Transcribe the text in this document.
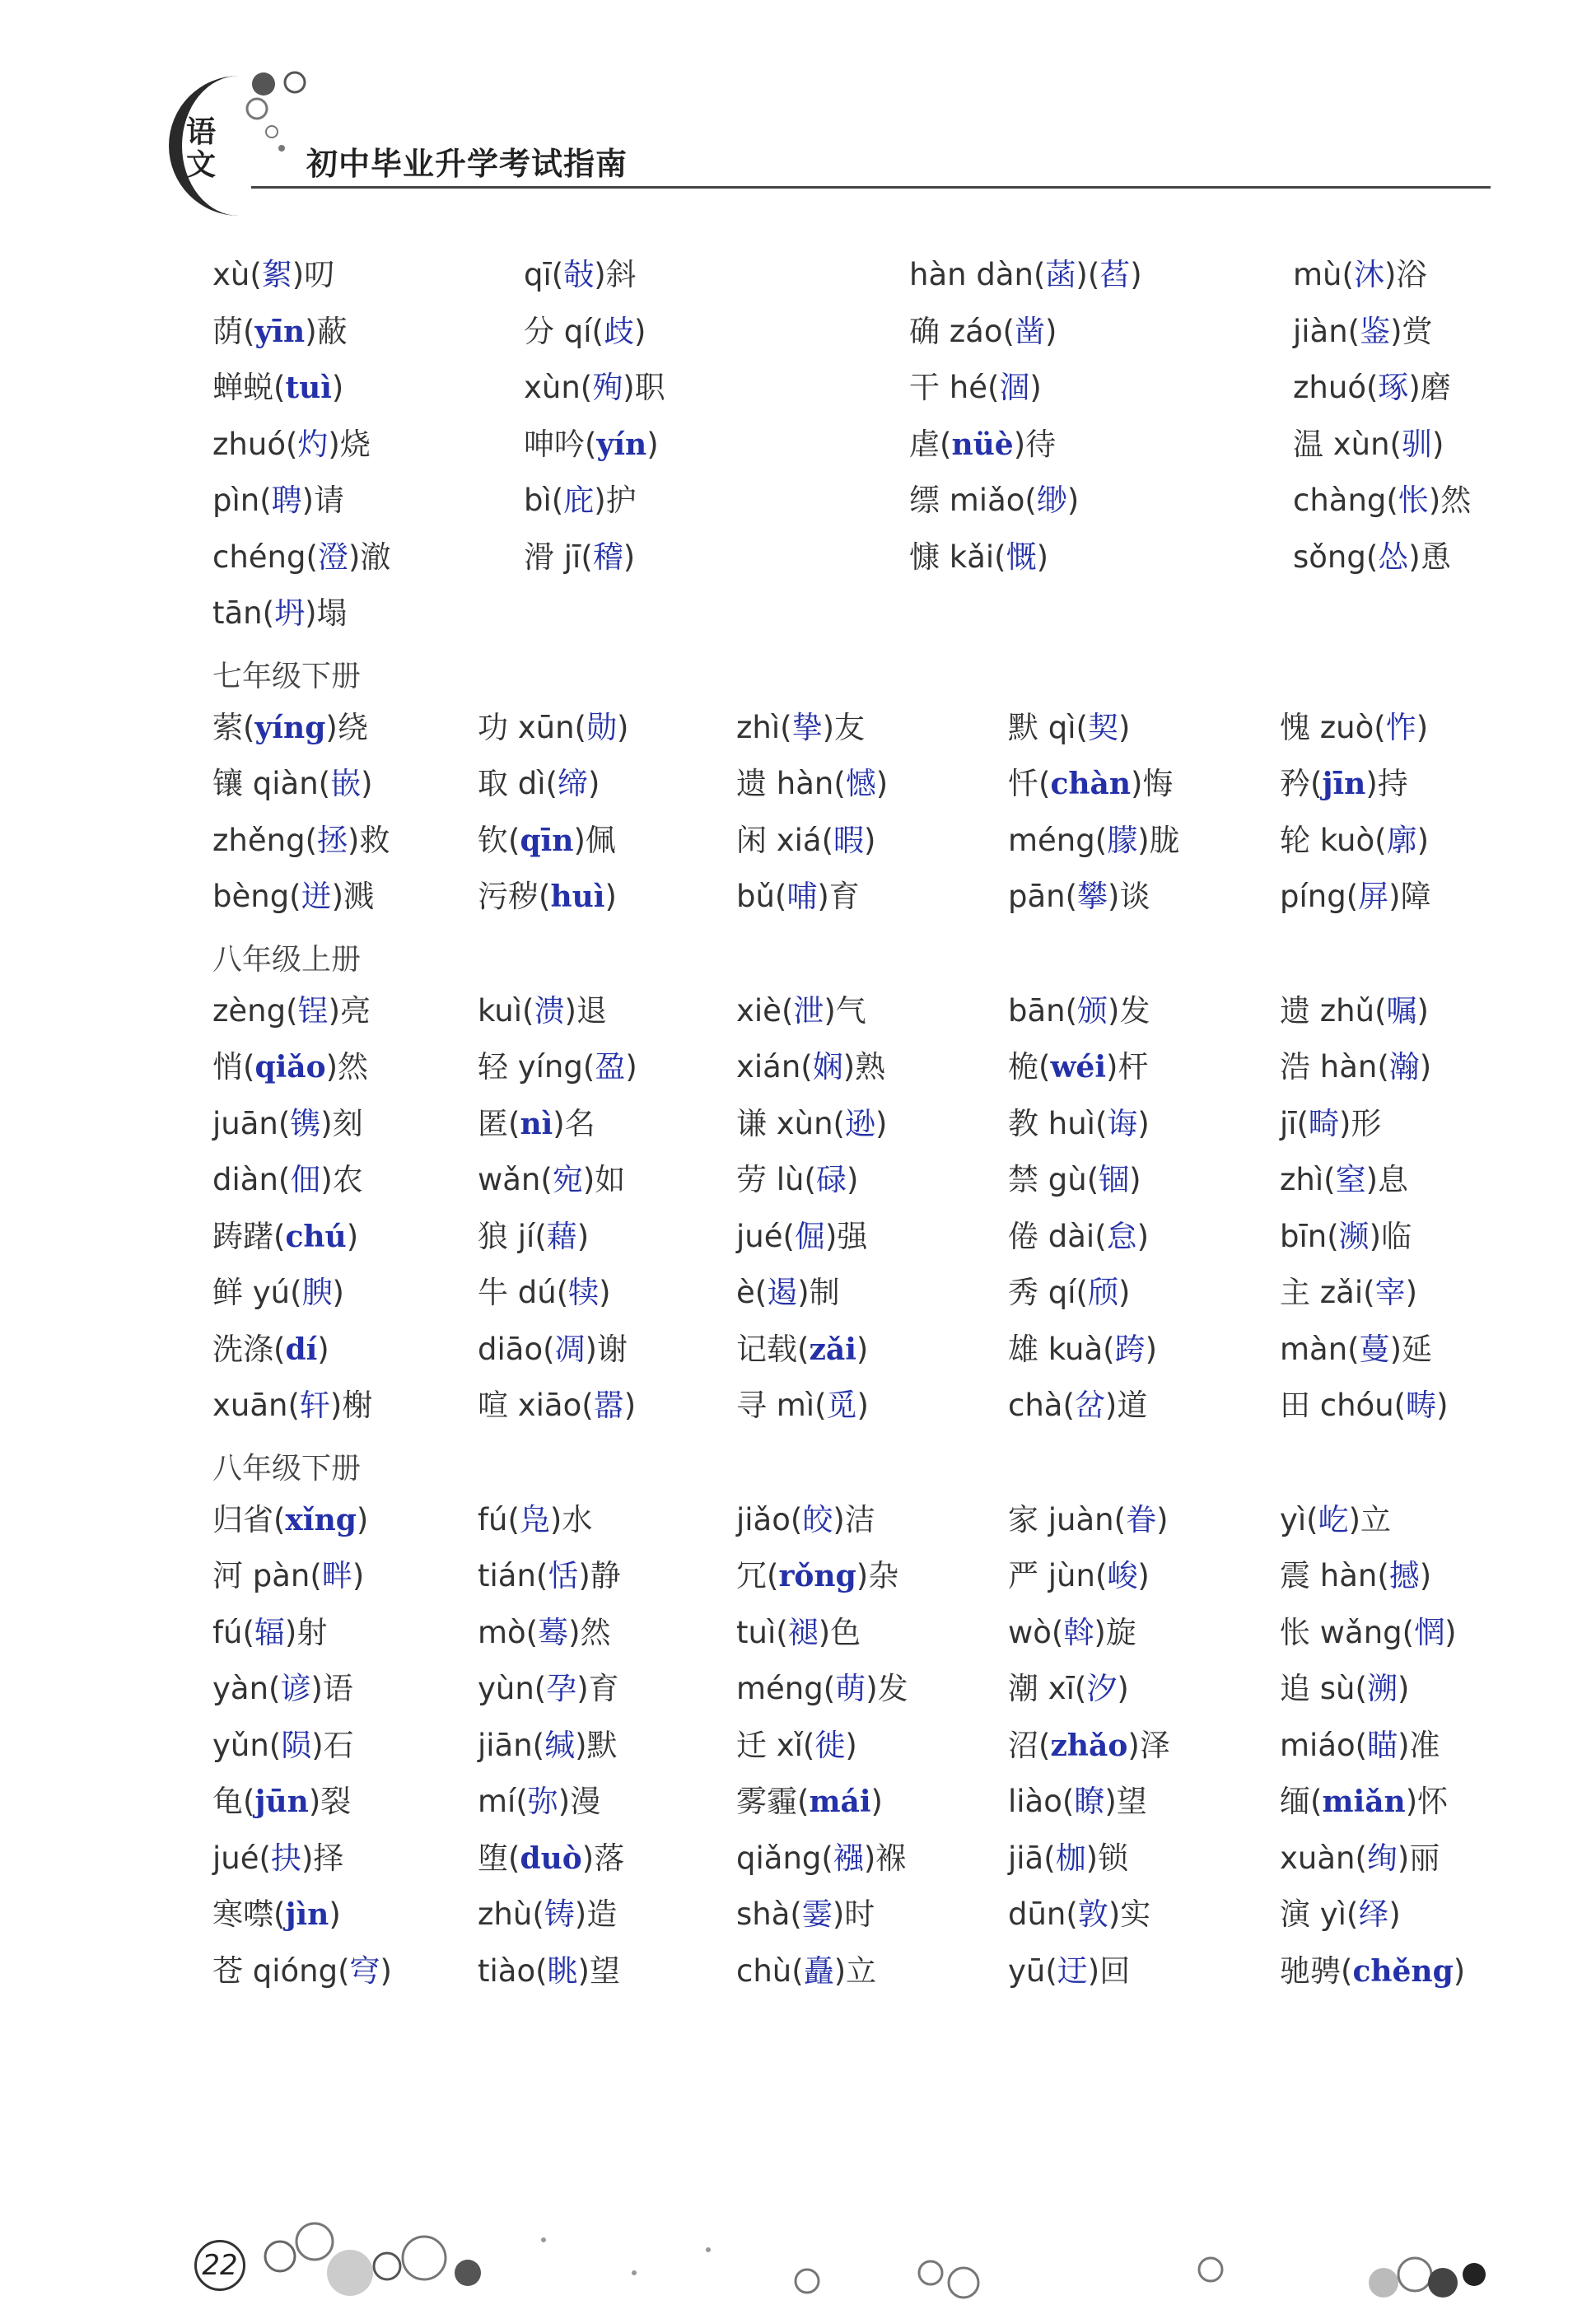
语文	初中毕业升学考试指南
xù(絮)叨	qī(敧)斜	hàn dàn(菡)(萏)	mù(沐)浴
荫(yīn)蔽	分 qí(歧)	确 záo(凿)	jiàn(鉴)赏
蝉蜕(tuì)	xùn(殉)职	干 hé(涸)	zhuó(琢)磨
zhuó(灼)烧	呻吟(yín)	虐(nüè)待	温 xùn(驯)
pìn(聘)请	bì(庇)护	缥 miǎo(缈)	chàng(怅)然
chéng(澄)澈	滑 jī(稽)	慷 kǎi(慨)	sǒng(怂)恿
tān(坍)塌
七年级下册
萦(yíng)绕	功 xūn(勋)	zhì(挚)友	默 qì(契)	愧 zuò(怍)
镶 qiàn(嵌)	取 dì(缔)	遗 hàn(憾)	忏(chàn)悔	矜(jīn)持
zhěng(拯)救	钦(qīn)佩	闲 xiá(暇)	méng(朦)胧	轮 kuò(廓)
bèng(迸)溅	污秽(huì)	bǔ(哺)育	pān(攀)谈	píng(屏)障
八年级上册
zèng(锃)亮	kuì(溃)退	xiè(泄)气	bān(颁)发	遗 zhǔ(嘱)
悄(qiǎo)然	轻 yíng(盈)	xián(娴)熟	桅(wéi)杆	浩 hàn(瀚)
juān(镌)刻	匿(nì)名	谦 xùn(逊)	教 huì(诲)	jī(畸)形
diàn(佃)农	wǎn(宛)如	劳 lù(碌)	禁 gù(锢)	zhì(窒)息
踌躇(chú)	狼 jí(藉)	jué(倔)强	倦 dài(怠)	bīn(濒)临
鲜 yú(腴)	牛 dú(犊)	è(遏)制	秀 qí(颀)	主 zǎi(宰)
洗涤(dí)	diāo(凋)谢	记载(zǎi)	雄 kuà(跨)	màn(蔓)延
xuān(轩)榭	喧 xiāo(嚣)	寻 mì(觅)	chà(岔)道	田 chóu(畴)
八年级下册
归省(xǐng)	fú(凫)水	jiǎo(皎)洁	家 juàn(眷)	yì(屹)立
河 pàn(畔)	tián(恬)静	冗(rǒng)杂	严 jùn(峻)	震 hàn(撼)
fú(辐)射	mò(蓦)然	tuì(褪)色	wò(斡)旋	怅 wǎng(惘)
yàn(谚)语	yùn(孕)育	méng(萌)发	潮 xī(汐)	追 sù(溯)
yǔn(陨)石	jiān(缄)默	迁 xǐ(徙)	沼(zhǎo)泽	miáo(瞄)准
龟(jūn)裂	mí(弥)漫	雾霾(mái)	liào(瞭)望	缅(miǎn)怀
jué(抉)择	堕(duò)落	qiǎng(襁)褓	jiā(枷)锁	xuàn(绚)丽
寒噤(jìn)	zhù(铸)造	shà(霎)时	dūn(敦)实	演 yì(绎)
苍 qióng(穹)	tiào(眺)望	chù(矗)立	yū(迂)回	驰骋(chěng)
22
